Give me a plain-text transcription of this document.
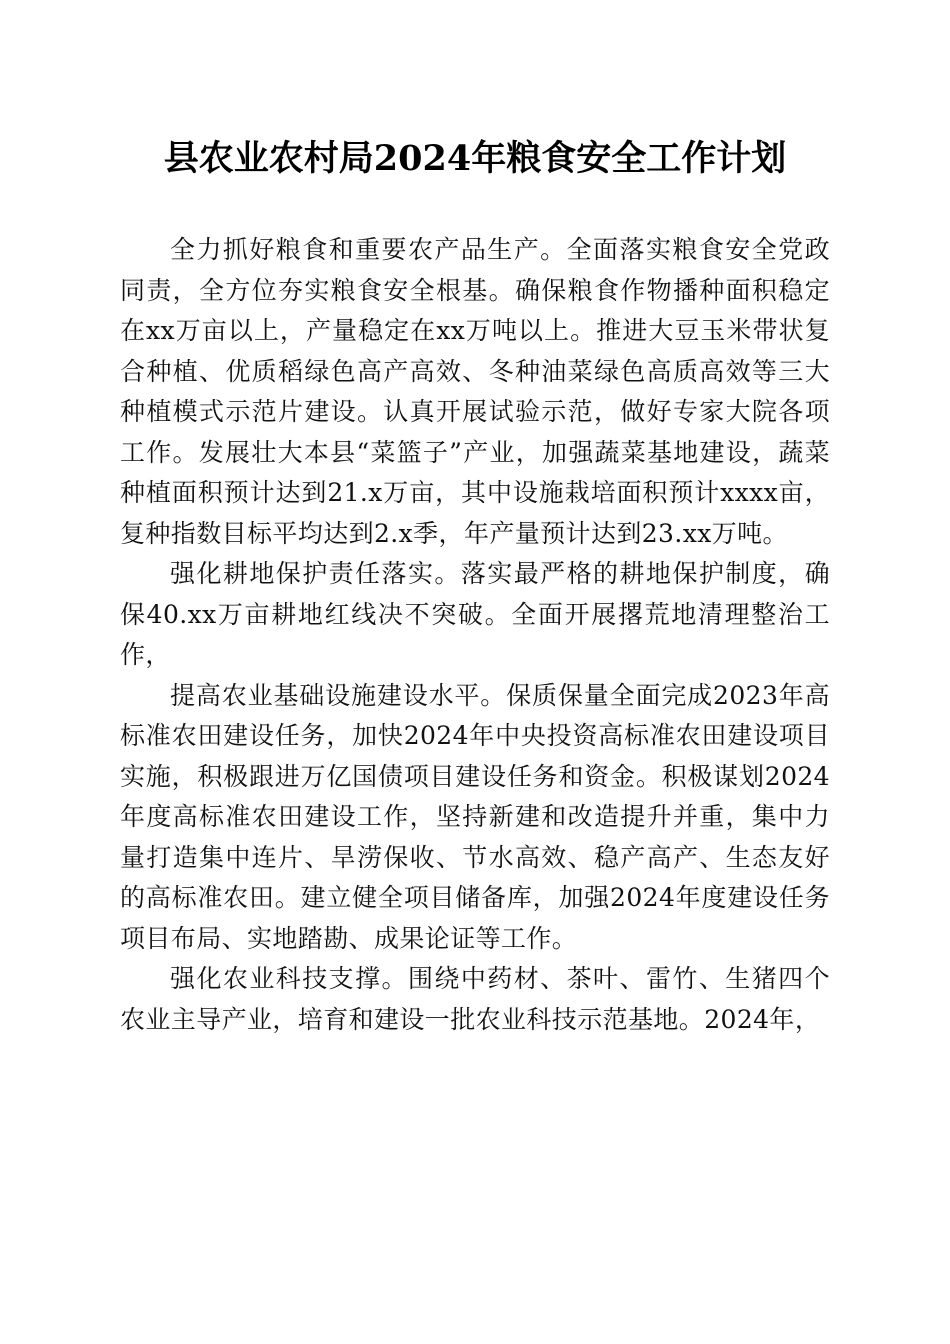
县农业农村局2024年粮食安全工作计划

全力抓好粮食和重要农产品生产。全面落实粮食安全党政同责，全方位夯实粮食安全根基。确保粮食作物播种面积稳定在xx万亩以上，产量稳定在xx万吨以上。推进大豆玉米带状复合种植、优质稻绿色高产高效、冬种油菜绿色高质高效等三大种植模式示范片建设。认真开展试验示范，做好专家大院各项工作。发展壮大本县“菜篮子”产业，加强蔬菜基地建设，蔬菜种植面积预计达到21.x万亩，其中设施栽培面积预计xxxx亩，复种指数目标平均达到2.x季，年产量预计达到23.xx万吨。

强化耕地保护责任落实。落实最严格的耕地保护制度，确保40.xx万亩耕地红线决不突破。全面开展撂荒地清理整治工作，

提高农业基础设施建设水平。保质保量全面完成2023年高标准农田建设任务，加快2024年中央投资高标准农田建设项目实施，积极跟进万亿国债项目建设任务和资金。积极谋划2024年度高标准农田建设工作，坚持新建和改造提升并重，集中力量打造集中连片、旱涝保收、节水高效、稳产高产、生态友好的高标准农田。建立健全项目储备库，加强2024年度建设任务项目布局、实地踏勘、成果论证等工作。

强化农业科技支撑。围绕中药材、茶叶、雷竹、生猪四个农业主导产业，培育和建设一批农业科技示范基地。2024年，
